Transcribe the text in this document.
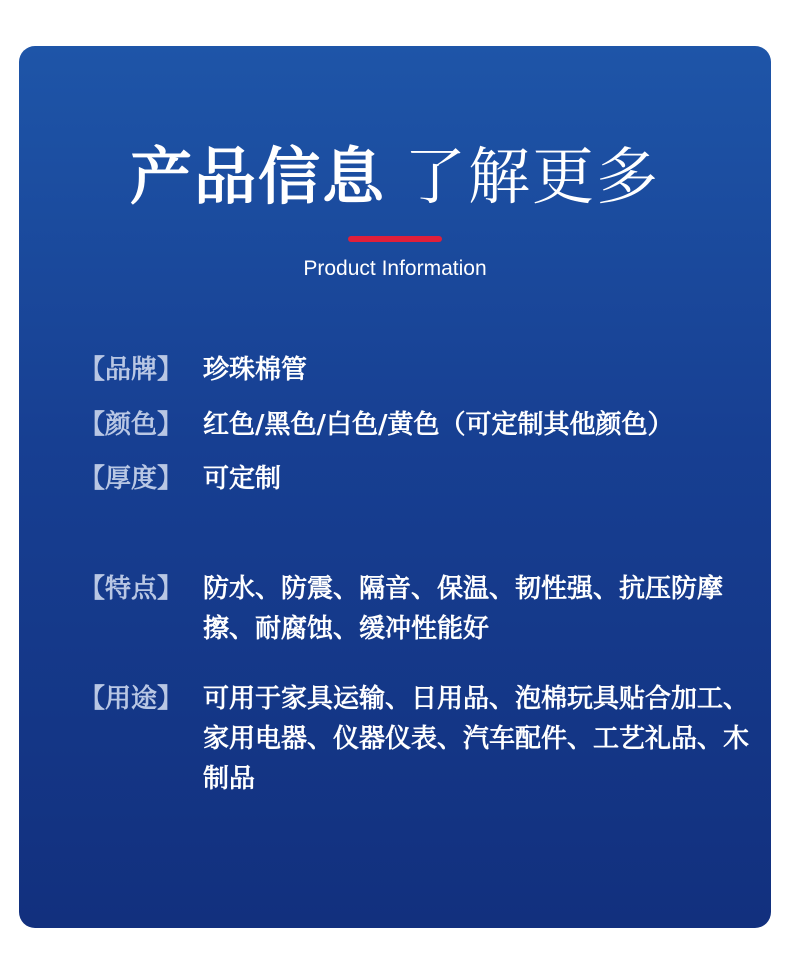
产品信息 了解更多
Product Information
【品牌】 珍珠棉管
【颜色】 红色/黑色/白色/黄色（可定制其他颜色）
【厚度】 可定制
【特点】 防水、防震、隔音、保温、韧性强、抗压防摩擦、耐腐蚀、缓冲性能好
【用途】 可用于家具运输、日用品、泡棉玩具贴合加工、家用电器、仪器仪表、汽车配件、工艺礼品、木制品
